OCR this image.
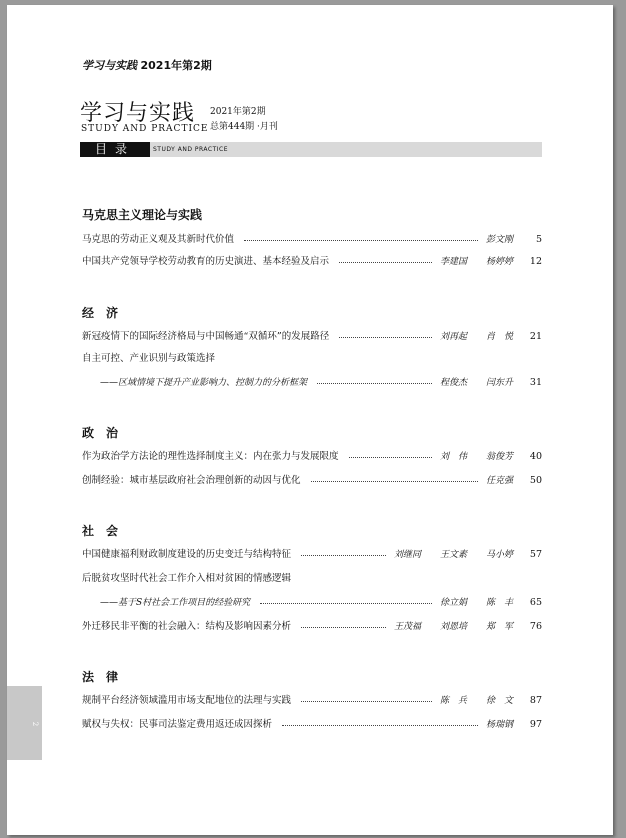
2
学习与实践 2021年第2期
学习与实践
STUDY AND PRACTICE
2021年第2期
总第444期 ·月刊
目录	STUDY AND PRACTICE
马克思主义理论与实践
马克思的劳动正义观及其新时代价值	彭文刚 5
中国共产党领导学校劳动教育的历史演进、基本经验及启示	李建国 杨婷婷 12
经　济
新冠疫情下的国际经济格局与中国畅通“双循环”的发展路径	刘再起 肖　悦 21
自主可控、产业识别与政策选择
——区域情境下提升产业影响力、控制力的分析框架	程俊杰 闫东升 31
政　治
作为政治学方法论的理性选择制度主义：内在张力与发展限度	刘　伟 翁俊芳 40
创制经验：城市基层政府社会治理创新的动因与优化	任克强 50
社　会
中国健康福利财政制度建设的历史变迁与结构特征	刘继同 王文素 马小婷 57
后脱贫攻坚时代社会工作介入相对贫困的情感逻辑
——基于S村社会工作项目的经验研究	徐立娟 陈　丰 65
外迁移民非平衡的社会融入：结构及影响因素分析	王茂福 刘恩培 郑　军 76
法　律
规制平台经济领域滥用市场支配地位的法理与实践	陈　兵 徐　文 87
赋权与失权：民事司法鉴定费用返还成因探析	杨瑞钢 97
